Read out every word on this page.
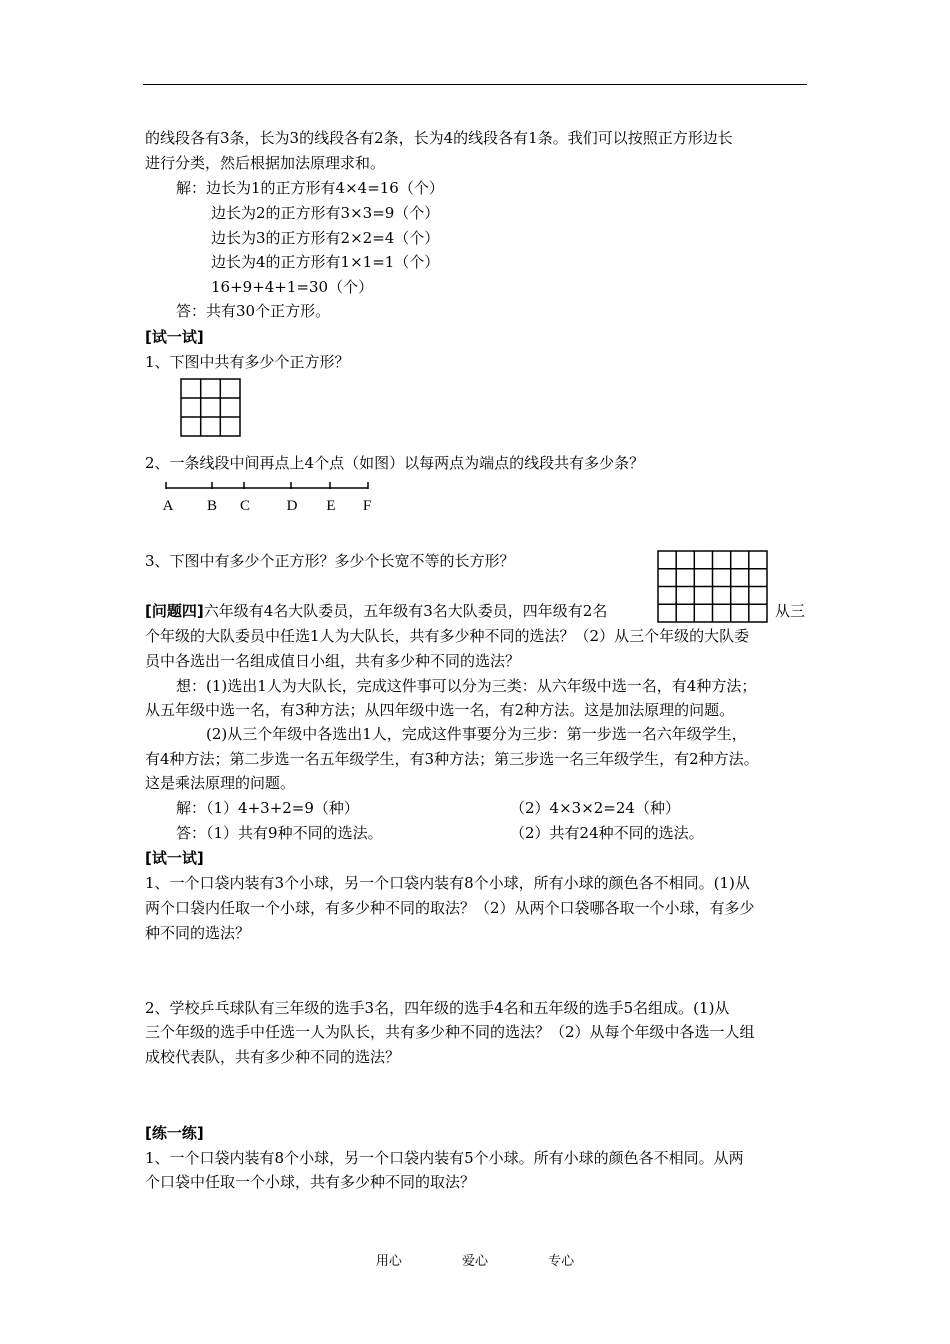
的线段各有3条，长为3的线段各有2条，长为4的线段各有1条。我们可以按照正方形边长
进行分类，然后根据加法原理求和。
解：边长为1的正方形有4×4=16（个）
边长为2的正方形有3×3=9（个）
边长为3的正方形有2×2=4（个）
边长为4的正方形有1×1=1（个）
16+9+4+1=30（个）
答：共有30个正方形。
[试一试]
1、下图中共有多少个正方形？
2、一条线段中间再点上4个点（如图）以每两点为端点的线段共有多少条？
A B C D E F
3、下图中有多少个正方形？多少个长宽不等的长方形？
[问题四]六年级有4名大队委员，五年级有3名大队委员，四年级有2名	从三
个年级的大队委员中任选1人为大队长，共有多少种不同的选法？（2）从三个年级的大队委
员中各选出一名组成值日小组，共有多少种不同的选法？
想：(1)选出1人为大队长，完成这件事可以分为三类：从六年级中选一名，有4种方法；
从五年级中选一名，有3种方法；从四年级中选一名，有2种方法。这是加法原理的问题。
(2)从三个年级中各选出1人，完成这件事要分为三步：第一步选一名六年级学生，
有4种方法；第二步选一名五年级学生，有3种方法；第三步选一名三年级学生，有2种方法。
这是乘法原理的问题。
解：（1）4+3+2=9（种）	（2）4×3×2=24（种）
答：（1）共有9种不同的选法。	（2）共有24种不同的选法。
[试一试]
1、一个口袋内装有3个小球，另一个口袋内装有8个小球，所有小球的颜色各不相同。(1)从
两个口袋内任取一个小球，有多少种不同的取法？（2）从两个口袋哪各取一个小球，有多少
种不同的选法？
2、学校乒乓球队有三年级的选手3名，四年级的选手4名和五年级的选手5名组成。(1)从
三个年级的选手中任选一人为队长，共有多少种不同的选法？（2）从每个年级中各选一人组
成校代表队，共有多少种不同的选法？
[练一练]
1、一个口袋内装有8个小球，另一个口袋内装有5个小球。所有小球的颜色各不相同。从两
个口袋中任取一个小球，共有多少种不同的取法？
用心	爱心	专心
